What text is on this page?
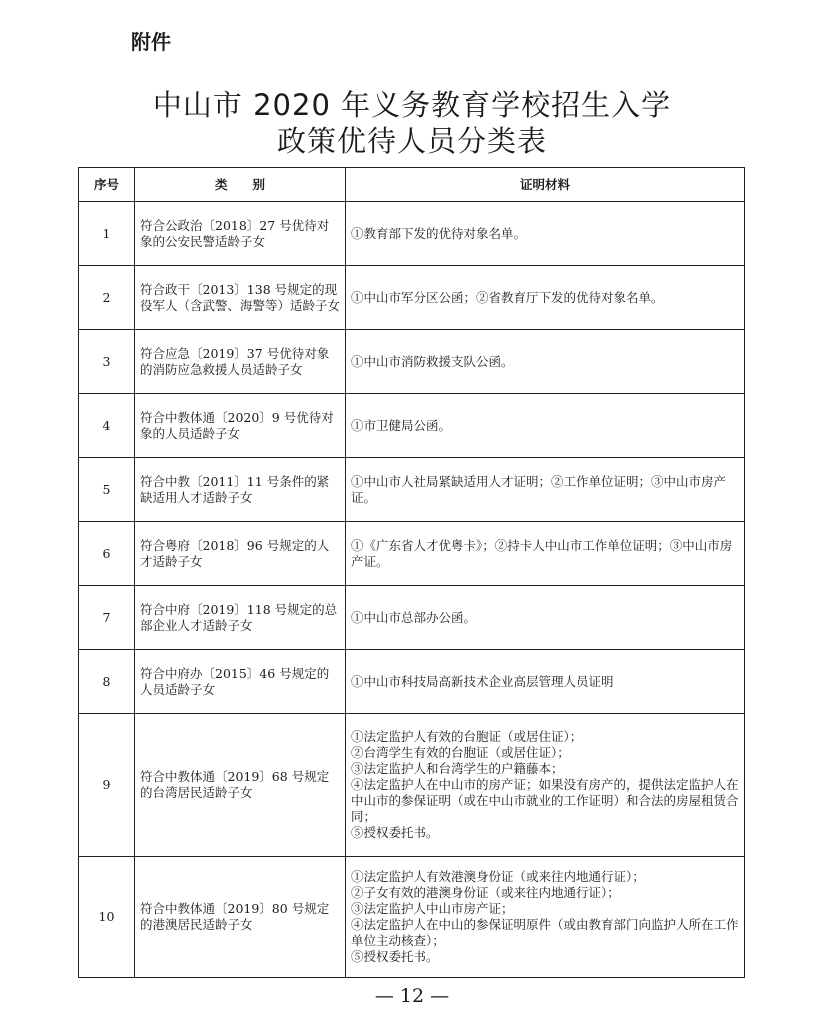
附件

中山市 2020 年义务教育学校招生入学
政策优待人员分类表
序号	类　　别	证明材料
1	符合公政治〔2018〕27 号优待对象的公安民警适龄子女	①教育部下发的优待对象名单。

2	符合政干〔2013〕138 号规定的现役军人（含武警、海警等）适龄子女	①中山市军分区公函；②省教育厅下发的优待对象名单。

3	符合应急〔2019〕37 号优待对象的消防应急救援人员适龄子女	①中山市消防救援支队公函。

4	符合中教体通〔2020〕9 号优待对象的人员适龄子女	①市卫健局公函。

5	符合中教〔2011〕11 号条件的紧缺适用人才适龄子女	①中山市人社局紧缺适用人才证明；②工作单位证明；③中山市房产证。

6	符合粤府〔2018〕96 号规定的人才适龄子女	①《广东省人才优粤卡》；②持卡人中山市工作单位证明；③中山市房产证。

7	符合中府〔2019〕118 号规定的总部企业人才适龄子女	①中山市总部办公函。

8	符合中府办〔2015〕46 号规定的人员适龄子女	①中山市科技局高新技术企业高层管理人员证明

9	符合中教体通〔2019〕68 号规定的台湾居民适龄子女	①法定监护人有效的台胞证（或居住证）；
②台湾学生有效的台胞证（或居住证）；
③法定监护人和台湾学生的户籍藤本；
④法定监护人在中山市的房产证；如果没有房产的，提供法定监护人在中山市的参保证明（或在中山市就业的工作证明）和合法的房屋租赁合同；
⑤授权委托书。

10	符合中教体通〔2019〕80 号规定的港澳居民适龄子女	①法定监护人有效港澳身份证（或来往内地通行证）；
②子女有效的港澳身份证（或来往内地通行证）；
③法定监护人中山市房产证；
④法定监护人在中山的参保证明原件（或由教育部门向监护人所在工作单位主动核查）；
⑤授权委托书。

— 12 —
